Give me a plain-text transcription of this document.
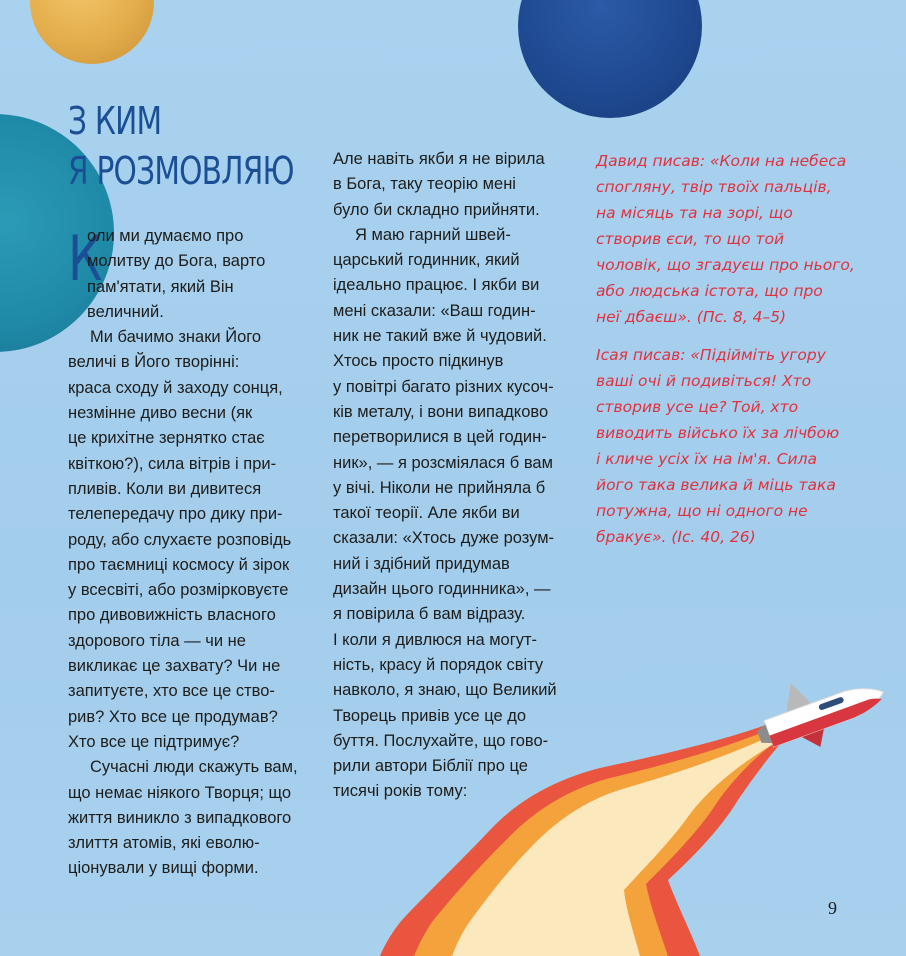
З КИМ
Я РОЗМОВЛЯЮ
К
оли ми думаємо про
молитву до Бога, варто
пам'ятати, який Він
величний.
Ми бачимо знаки Його
величі в Його творінні:
краса сходу й заходу сонця,
незмінне диво весни (як
це крихітне зернятко стає
квіткою?), сила вітрів і при-
пливів. Коли ви дивитеся
телепередачу про дику при-
роду, або слухаєте розповідь
про таємниці космосу й зірок
у всесвіті, або розмірковуєте
про дивовижність власного
здорового тіла — чи не
викликає це захвату? Чи не
запитуєте, хто все це ство-
рив? Хто все це продумав?
Хто все це підтримує?
Сучасні люди скажуть вам,
що немає ніякого Творця; що
життя виникло з випадкового
злиття атомів, які еволю-
ціонували у вищі форми.
Але навіть якби я не вірила
в Бога, таку теорію мені
було би складно прийняти.
Я маю гарний швей-
царський годинник, який
ідеально працює. І якби ви
мені сказали: «Ваш годин-
ник не такий вже й чудовий.
Хтось просто підкинув
у повітрі багато різних кусоч-
ків металу, і вони випадково
перетворилися в цей годин-
ник», — я розсміялася б вам
у вічі. Ніколи не прийняла б
такої теорії. Але якби ви
сказали: «Хтось дуже розум-
ний і здібний придумав
дизайн цього годинника», —
я повірила б вам відразу.
І коли я дивлюся на могут-
ність, красу й порядок світу
навколо, я знаю, що Великий
Творець привів усе це до
буття. Послухайте, що гово-
рили автори Біблії про це
тисячі років тому:
Давид писав: «Коли на небеса
спогляну, твір твоїх пальців,
на місяць та на зорі, що
створив єси, то що той
чоловік, що згадуєш про нього,
або людська істота, що про
неї дбаєш». (Пс. 8, 4–5)
Ісая писав: «Підійміть угору
ваші очі й подивіться! Хто
створив усе це? Той, хто
виводить військо їх за лічбою
і кличе усіх їх на ім'я. Сила
його така велика й міць така
потужна, що ні одного не
бракує». (Іс. 40, 26)
9
